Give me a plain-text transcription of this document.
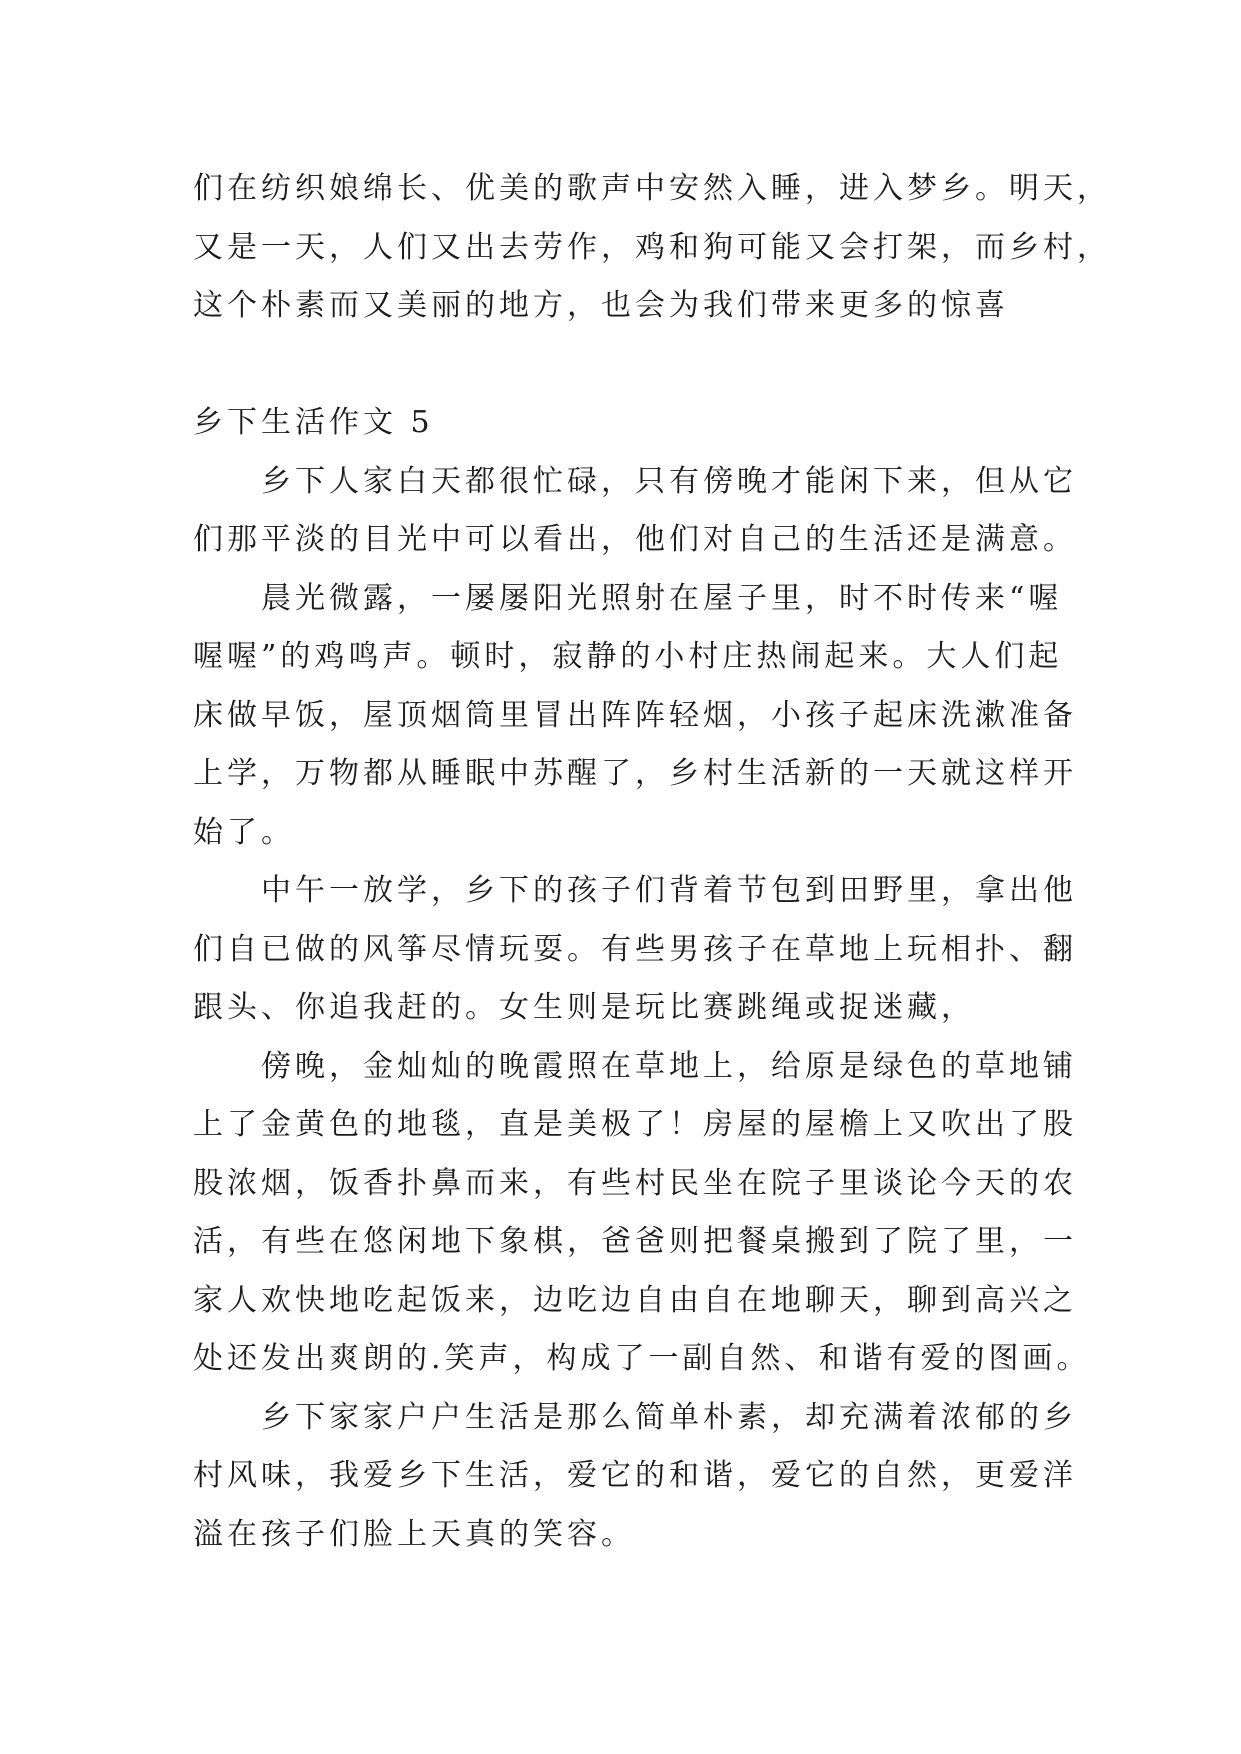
们在纺织娘绵长、优美的歌声中安然入睡，进入梦乡。明天，
又是一天，人们又出去劳作，鸡和狗可能又会打架，而乡村，
这个朴素而又美丽的地方，也会为我们带来更多的惊喜
乡下生活作文 5
乡下人家白天都很忙碌，只有傍晚才能闲下来，但从它
们那平淡的目光中可以看出，他们对自己的生活还是满意。
晨光微露，一屡屡阳光照射在屋子里，时不时传来“喔
喔喔”的鸡鸣声。顿时，寂静的小村庄热闹起来。大人们起
床做早饭，屋顶烟筒里冒出阵阵轻烟，小孩子起床洗漱准备
上学，万物都从睡眠中苏醒了，乡村生活新的一天就这样开
始了。
中午一放学，乡下的孩子们背着节包到田野里，拿出他
们自已做的风筝尽情玩耍。有些男孩子在草地上玩相扑、翻
跟头、你追我赶的。女生则是玩比赛跳绳或捉迷藏，
傍晚，金灿灿的晚霞照在草地上，给原是绿色的草地铺
上了金黄色的地毯，直是美极了！房屋的屋檐上又吹出了股
股浓烟，饭香扑鼻而来，有些村民坐在院子里谈论今天的农
活，有些在悠闲地下象棋，爸爸则把餐桌搬到了院了里，一
家人欢快地吃起饭来，边吃边自由自在地聊天，聊到高兴之
处还发出爽朗的.笑声，构成了一副自然、和谐有爱的图画。
乡下家家户户生活是那么简单朴素，却充满着浓郁的乡
村风味，我爱乡下生活，爱它的和谐，爱它的自然，更爱洋
溢在孩子们脸上天真的笑容。
